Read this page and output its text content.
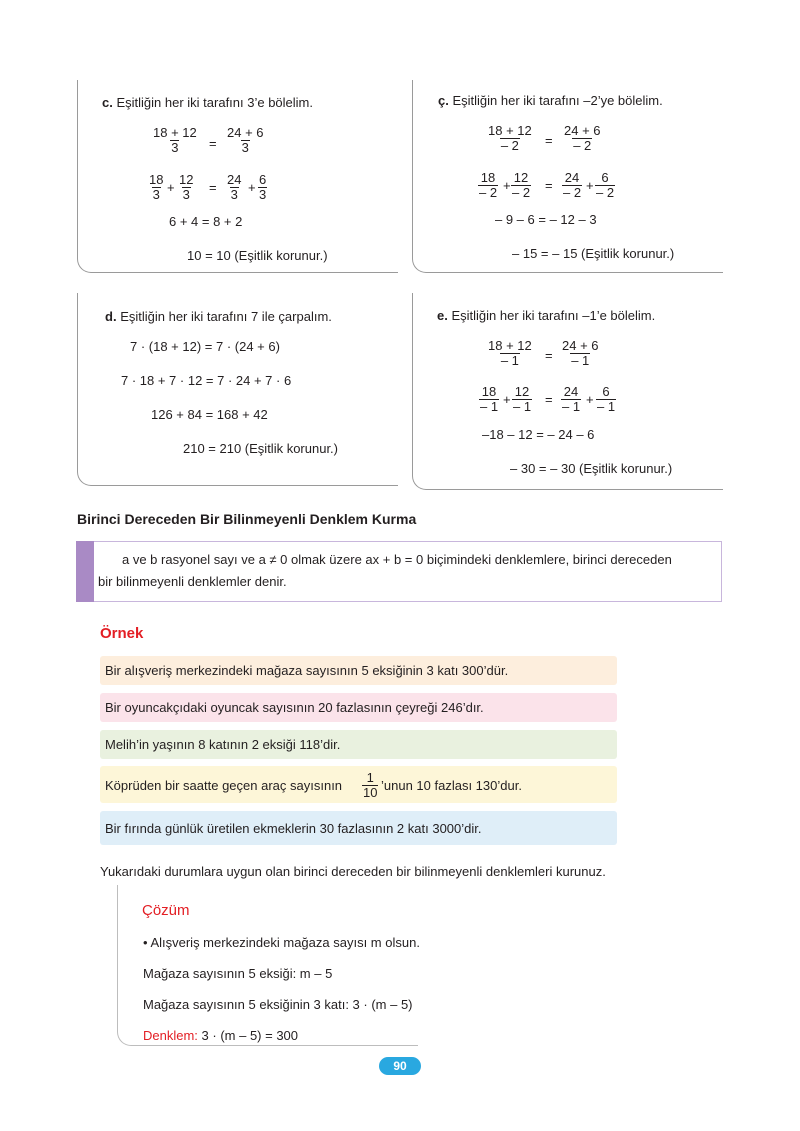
c. Eşitliğin her iki tarafını 3’e bölelim.
18 + 12
3 =
24 + 6
3
18
3 +
12
3 =
24
3 +
6
3
6 + 4 = 8 + 2
10 = 10 (Eşitlik korunur.)
ç. Eşitliğin her iki tarafını –2’ye bölelim.
18 + 12
– 2 =
24 + 6
– 2
18
– 2 +
12
– 2 =
24
– 2 +
6
– 2
– 9 – 6 = – 12 – 3
– 15 = – 15 (Eşitlik korunur.)
d. Eşitliğin her iki tarafını 7 ile çarpalım.
7 · (18 + 12) = 7 · (24 + 6)
7 · 18 + 7 · 12 = 7 · 24 + 7 · 6
126 + 84 = 168 + 42
210 = 210 (Eşitlik korunur.)
e. Eşitliğin her iki tarafını –1’e bölelim.
18 + 12
– 1 =
24 + 6
– 1
18
– 1 +
12
– 1 =
24
– 1 +
6
– 1
–18 – 12 = – 24 – 6
– 30 = – 30 (Eşitlik korunur.)
Birinci Dereceden Bir Bilinmeyenli Denklem Kurma
a ve b rasyonel sayı ve a ≠ 0 olmak üzere ax + b = 0 biçimindeki denklemlere, birinci dereceden
bir bilinmeyenli denklemler denir.
Örnek
Bir alışveriş merkezindeki mağaza sayısının 5 eksiğinin 3 katı 300’dür.
Bir oyuncakçıdaki oyuncak sayısının 20 fazlasının çeyreği 246’dır.
Melih’in yaşının 8 katının 2 eksiği 118’dir.
Köprüden bir saatte geçen araç sayısının
1
10 ’unun 10 fazlası 130’dur.
Bir fırında günlük üretilen ekmeklerin 30 fazlasının 2 katı 3000’dir.
Yukarıdaki durumlara uygun olan birinci dereceden bir bilinmeyenli denklemleri kurunuz.
Çözüm
• Alışveriş merkezindeki mağaza sayısı m olsun.
Mağaza sayısının 5 eksiği: m – 5
Mağaza sayısının 5 eksiğinin 3 katı: 3 · (m – 5)
Denklem: 3 · (m – 5) = 300
90
